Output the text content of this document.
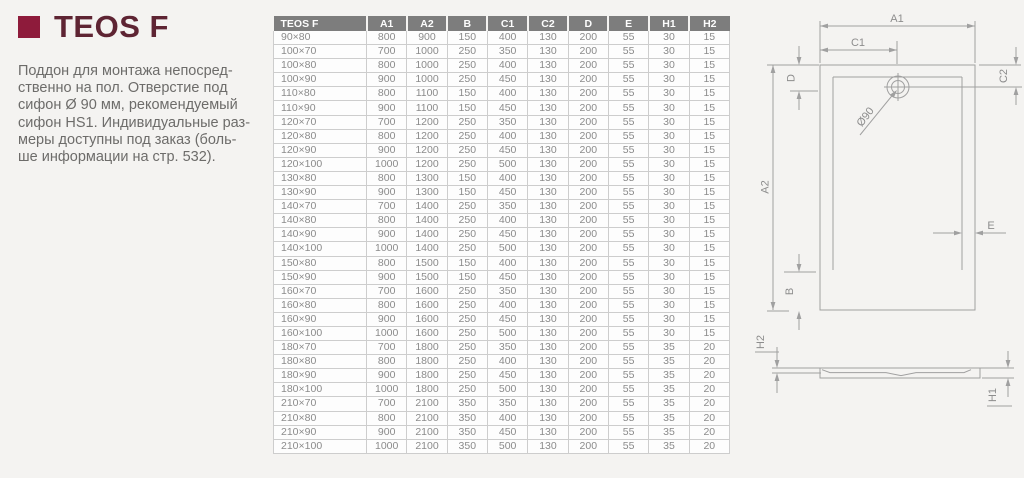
TEOS F
Поддон для монтажа непосред-
ственно на пол. Отверстие под
сифон Ø 90 мм, рекомендуемый
сифон HS1. Индивидуальные раз-
меры доступны под заказ (боль-
ше информации на стр. 532).
TEOS F	A1	A2	B	C1	C2	D	E	H1	H2
90×80	800	900	150	400	130	200	55	30	15
100×70	700	1000	250	350	130	200	55	30	15
100×80	800	1000	250	400	130	200	55	30	15
100×90	900	1000	250	450	130	200	55	30	15
110×80	800	1100	150	400	130	200	55	30	15
110×90	900	1100	150	450	130	200	55	30	15
120×70	700	1200	250	350	130	200	55	30	15
120×80	800	1200	250	400	130	200	55	30	15
120×90	900	1200	250	450	130	200	55	30	15
120×100	1000	1200	250	500	130	200	55	30	15
130×80	800	1300	150	400	130	200	55	30	15
130×90	900	1300	150	450	130	200	55	30	15
140×70	700	1400	250	350	130	200	55	30	15
140×80	800	1400	250	400	130	200	55	30	15
140×90	900	1400	250	450	130	200	55	30	15
140×100	1000	1400	250	500	130	200	55	30	15
150×80	800	1500	150	400	130	200	55	30	15
150×90	900	1500	150	450	130	200	55	30	15
160×70	700	1600	250	350	130	200	55	30	15
160×80	800	1600	250	400	130	200	55	30	15
160×90	900	1600	250	450	130	200	55	30	15
160×100	1000	1600	250	500	130	200	55	30	15
180×70	700	1800	250	350	130	200	55	35	20
180×80	800	1800	250	400	130	200	55	35	20
180×90	900	1800	250	450	130	200	55	35	20
180×100	1000	1800	250	500	130	200	55	35	20
210×70	700	2100	350	350	130	200	55	35	20
210×80	800	2100	350	400	130	200	55	35	20
210×90	900	2100	350	450	130	200	55	35	20
210×100	1000	2100	350	500	130	200	55	35	20
A1
C1
C2
D
A2
B
E
H2
H1
Ø90
